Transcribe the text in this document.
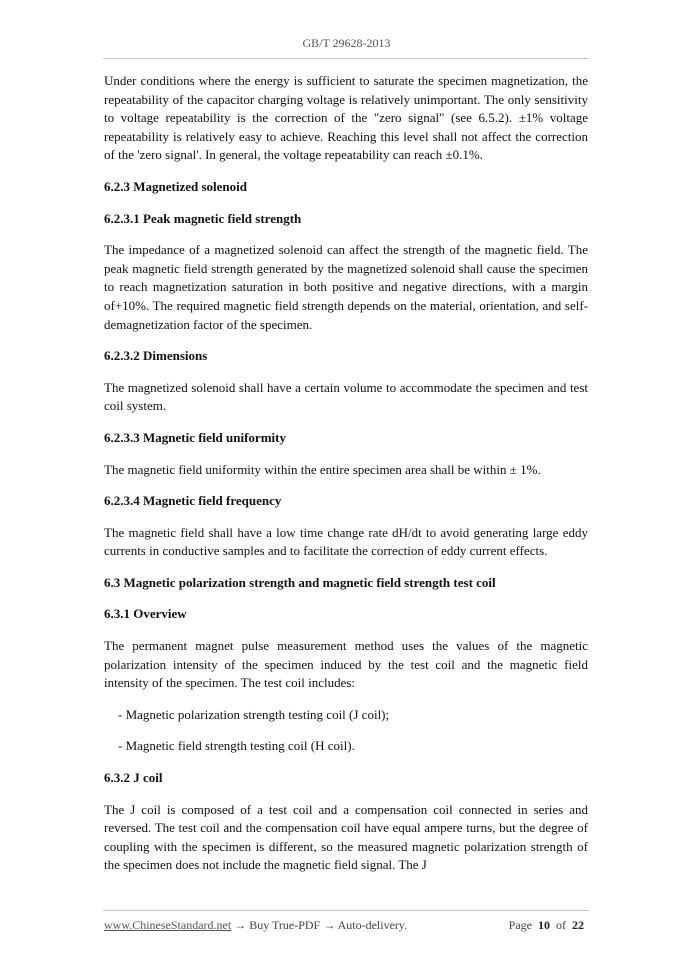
GB/T 29628-2013

Under conditions where the energy is sufficient to saturate the specimen magnetization, the repeatability of the capacitor charging voltage is relatively unimportant. The only sensitivity to voltage repeatability is the correction of the "zero signal" (see 6.5.2). ±1% voltage repeatability is relatively easy to achieve. Reaching this level shall not affect the correction of the 'zero signal'. In general, the voltage repeatability can reach ±0.1%.

6.2.3 Magnetized solenoid
6.2.3.1 Peak magnetic field strength

The impedance of a magnetized solenoid can affect the strength of the magnetic field. The peak magnetic field strength generated by the magnetized solenoid shall cause the specimen to reach magnetization saturation in both positive and negative directions, with a margin of+10%. The required magnetic field strength depends on the material, orientation, and self-demagnetization factor of the specimen.

6.2.3.2 Dimensions

The magnetized solenoid shall have a certain volume to accommodate the specimen and test coil system.

6.2.3.3 Magnetic field uniformity

The magnetic field uniformity within the entire specimen area shall be within ± 1%.

6.2.3.4 Magnetic field frequency

The magnetic field shall have a low time change rate dH/dt to avoid generating large eddy currents in conductive samples and to facilitate the correction of eddy current effects.

6.3 Magnetic polarization strength and magnetic field strength test coil
6.3.1 Overview

The permanent magnet pulse measurement method uses the values of the magnetic polarization intensity of the specimen induced by the test coil and the magnetic field intensity of the specimen. The test coil includes:

- Magnetic polarization strength testing coil (J coil);

- Magnetic field strength testing coil (H coil).

6.3.2 J coil

The J coil is composed of a test coil and a compensation coil connected in series and reversed. The test coil and the compensation coil have equal ampere turns, but the degree of coupling with the specimen is different, so the measured magnetic polarization strength of the specimen does not include the magnetic field signal. The J

www.ChineseStandard.net → Buy True-PDF → Auto-delivery.	Page 10 of 22
